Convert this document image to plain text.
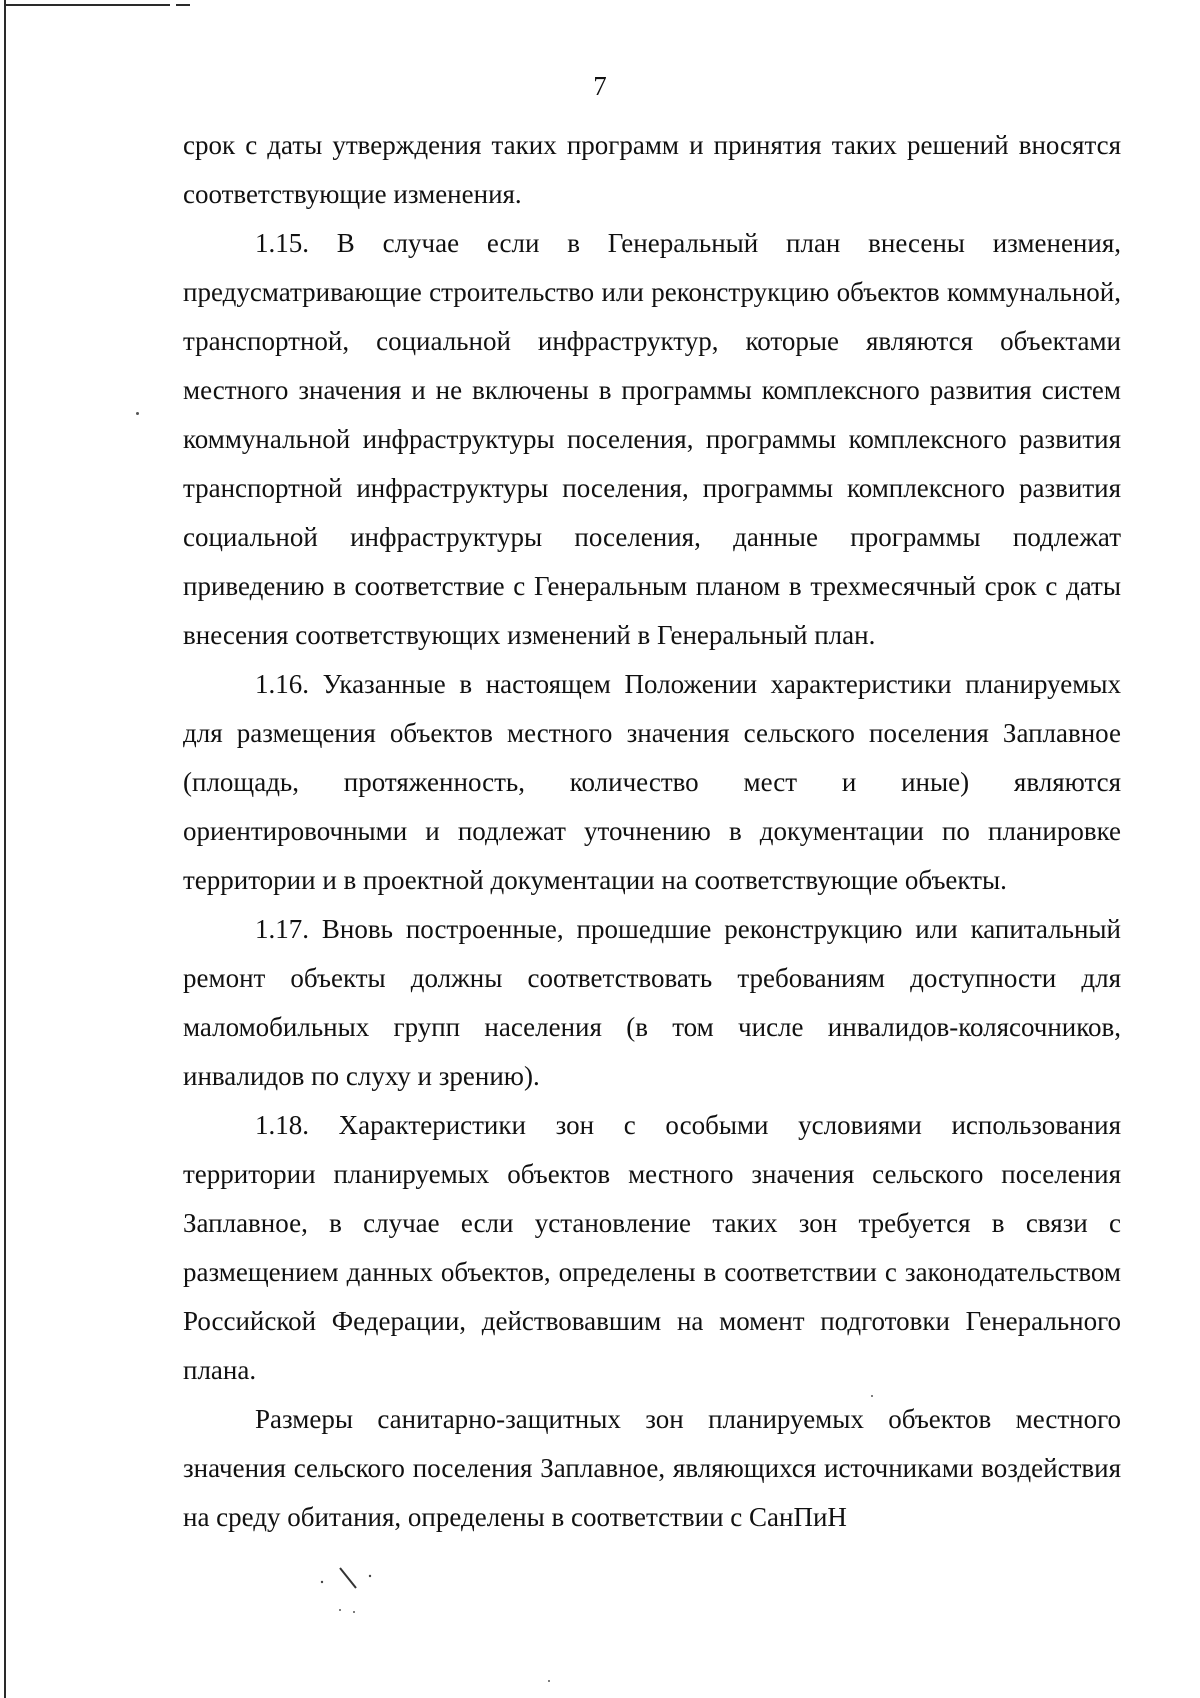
7

срок с даты утверждения таких программ и принятия таких решений вносятся соответствующие изменения.

1.15. В случае если в Генеральный план внесены изменения, предусматривающие строительство или реконструкцию объектов коммунальной, транспортной, социальной инфраструктур, которые являются объектами местного значения и не включены в программы комплексного развития систем коммунальной инфраструктуры поселения, программы комплексного развития транспортной инфраструктуры поселения, программы комплексного развития социальной инфраструктуры поселения, данные программы подлежат приведению в соответствие с Генеральным планом в трехмесячный срок с даты внесения соответствующих изменений в Генеральный план.

1.16. Указанные в настоящем Положении характеристики планируемых для размещения объектов местного значения сельского поселения Заплавное (площадь, протяженность, количество мест и иные) являются ориентировочными и подлежат уточнению в документации по планировке территории и в проектной документации на соответствующие объекты.

1.17. Вновь построенные, прошедшие реконструкцию или капитальный ремонт объекты должны соответствовать требованиям доступности для маломобильных групп населения (в том числе инвалидов-колясочников, инвалидов по слуху и зрению).

1.18. Характеристики зон с особыми условиями использования территории планируемых объектов местного значения сельского поселения Заплавное, в случае если установление таких зон требуется в связи с размещением данных объектов, определены в соответствии с законодательством Российской Федерации, действовавшим на момент подготовки Генерального плана.

Размеры санитарно-защитных зон планируемых объектов местного значения сельского поселения Заплавное, являющихся источниками воздействия на среду обитания, определены в соответствии с СанПиН
